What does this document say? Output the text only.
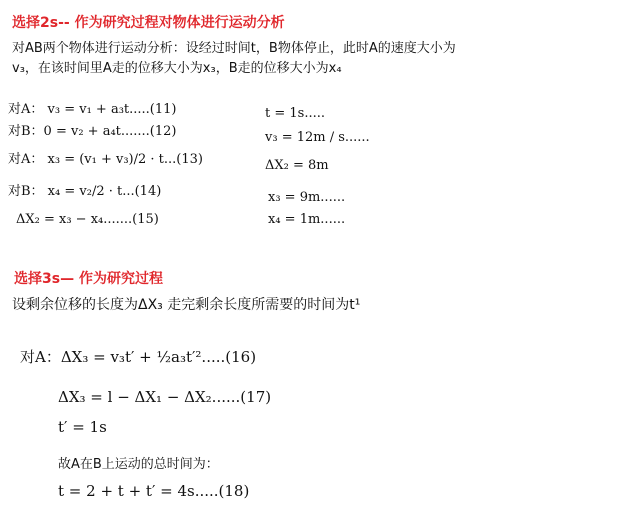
选择2s-- 作为研究过程对物体进行运动分析
对AB两个物体进行运动分析：设经过时间t，B物体停止，此时A的速度大小为
v₃，在该时间里A走的位移大小为x₃，B走的位移大小为x₄
对A： v₃ = v₁ + a₃t.....(11)
对B：0 = v₂ + a₄t.......(12)
对A： x₃ = (v₁ + v₃)/2 · t...(13)
对B： x₄ = v₂/2 · t...(14)
ΔX₂ = x₃ − x₄.......(15)
t = 1s.....
v₃ = 12m / s......
ΔX₂ = 8m
x₃ = 9m......
x₄ = 1m......
选择3s— 作为研究过程
设剩余位移的长度为ΔX₃ 走完剩余长度所需要的时间为t¹
对A：ΔX₃ = v₃t′ + ½a₃t′².....(16)
ΔX₃ = l − ΔX₁ − ΔX₂......(17)
t′ = 1s
故A在B上运动的总时间为：
t = 2 + t + t′ = 4s.....(18)
